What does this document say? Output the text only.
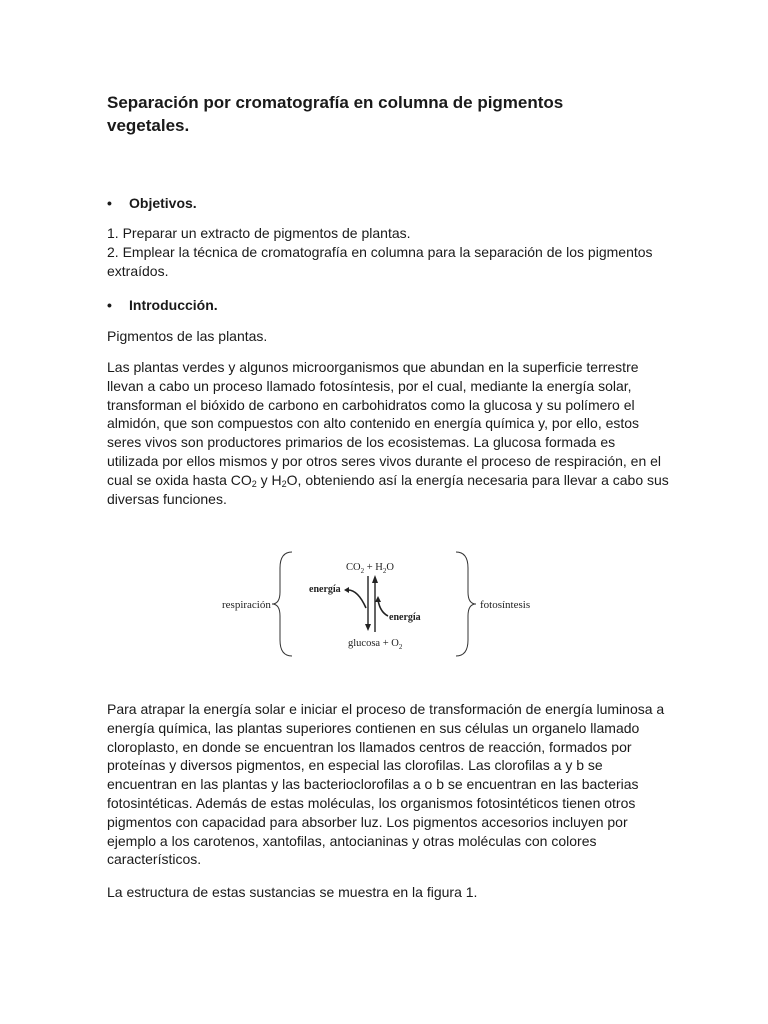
Separación por cromatografía en columna de pigmentos vegetales.

• Objetivos.

1. Preparar un extracto de pigmentos de plantas.
2. Emplear la técnica de cromatografía en columna para la separación de los pigmentos
extraídos.

• Introducción.

Pigmentos de las plantas.

Las plantas verdes y algunos microorganismos que abundan en la superficie terrestre
llevan a cabo un proceso llamado fotosíntesis, por el cual, mediante la energía solar,
transforman el bióxido de carbono en carbohidratos como la glucosa y su polímero el
almidón, que son compuestos con alto contenido en energía química y, por ello, estos
seres vivos son productores primarios de los ecosistemas. La glucosa formada es
utilizada por ellos mismos y por otros seres vivos durante el proceso de respiración, en el
cual se oxida hasta $CO_2$ y $H_2O$, obteniendo así la energía necesaria para llevar a cabo sus
diversas funciones.
respiración
$CO_2 + H_2O$
energía
energía
$glucosa + O_2$
fotosíntesis
Para atrapar la energía solar e iniciar el proceso de transformación de energía luminosa a
energía química, las plantas superiores contienen en sus células un organelo llamado
cloroplasto, en donde se encuentran los llamados centros de reacción, formados por
proteínas y diversos pigmentos, en especial las clorofilas. Las clorofilas a y b se
encuentran en las plantas y las bacterioclorofilas a o b se encuentran en las bacterias
fotosintéticas. Además de estas moléculas, los organismos fotosintéticos tienen otros
pigmentos con capacidad para absorber luz. Los pigmentos accesorios incluyen por
ejemplo a los carotenos, xantofilas, antocianinas y otras moléculas con colores
característicos.

La estructura de estas sustancias se muestra en la figura 1.
